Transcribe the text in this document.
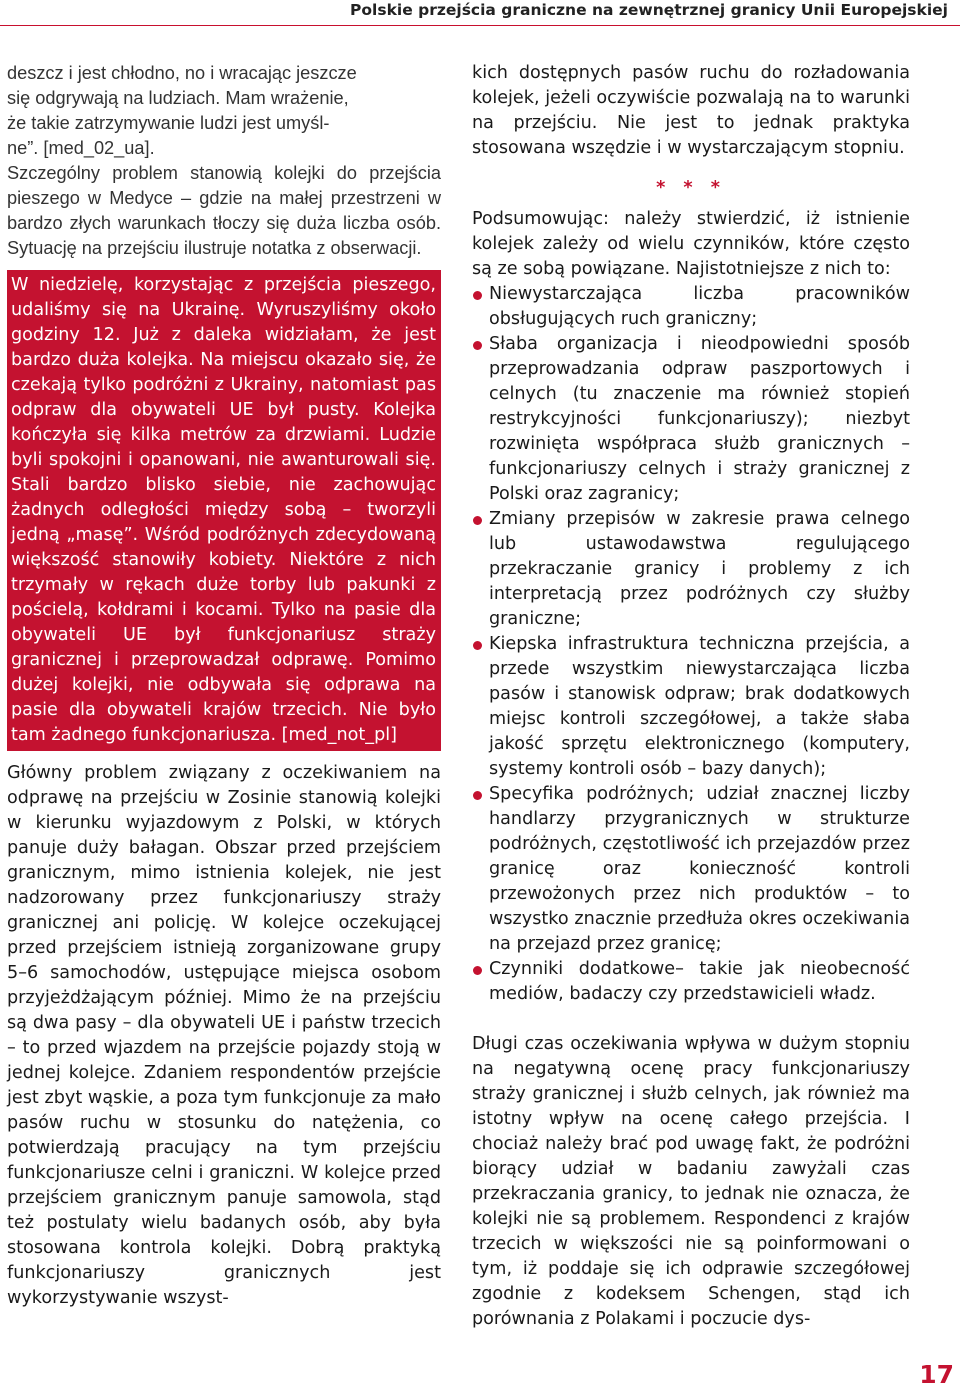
Polskie przejścia graniczne na zewnętrznej granicy Unii Europejskiej
deszcz i jest chłodno, no i wracając jeszcze
się odgrywają na ludziach. Mam wrażenie,
że takie zatrzymywanie ludzi jest umyśl-
ne”. [med_02_ua].

Szczególny problem stanowią kolejki do przejścia pieszego w Medyce – gdzie na małej przestrzeni w bardzo złych warunkach tłoczy się duża liczba osób. Sytuację na przejściu ilustruje notatka z obserwacji.

W niedzielę, korzystając z przejścia pieszego, udaliśmy się na Ukrainę. Wyruszyliśmy około godziny 12. Już z daleka widziałam, że jest bardzo duża kolejka. Na miejscu okazało się, że czekają tylko podróżni z Ukrainy, natomiast pas odpraw dla obywateli UE był pusty. Kolejka kończyła się kilka metrów za drzwiami. Ludzie byli spokojni i opanowani, nie awanturowali się. Stali bardzo blisko siebie, nie zachowując żadnych odległości między sobą – tworzyli jedną „masę”. Wśród podróżnych zdecydowaną większość stanowiły kobiety. Niektóre z nich trzymały w rękach duże torby lub pakunki z pościelą, kołdrami i kocami. Tylko na pasie dla obywateli UE był funkcjonariusz straży granicznej i przeprowadzał odprawę. Pomimo dużej kolejki, nie odbywała się odprawa na pasie dla obywateli krajów trzecich. Nie było tam żadnego funkcjonariusza. [med_not_pl]

Główny problem związany z oczekiwaniem na odprawę na przejściu w Zosinie stanowią kolejki w kierunku wyjazdowym z Polski, w których panuje duży bałagan. Obszar przed przejściem granicznym, mimo istnienia kolejek, nie jest nadzorowany przez funkcjonariuszy straży granicznej ani policję. W kolejce oczekującej przed przejściem istnieją zorganizowane grupy 5–6 samochodów, ustępujące miejsca osobom przyjeżdżającym później. Mimo że na przejściu są dwa pasy – dla obywateli UE i państw trzecich – to przed wjazdem na przejście pojazdy stoją w jednej kolejce. Zdaniem respondentów przejście jest zbyt wąskie, a poza tym funkcjonuje za mało pasów ruchu w stosunku do natężenia, co potwierdzają pracujący na tym przejściu funkcjonariusze celni i graniczni. W kolejce przed przejściem granicznym panuje samowola, stąd też postulaty wielu badanych osób, aby była stosowana kontrola kolejki. Dobrą praktyką funkcjonariuszy granicznych jest wykorzystywanie wszyst-

kich dostępnych pasów ruchu do rozładowania kolejek, jeżeli oczywiście pozwalają na to warunki na przejściu. Nie jest to jednak praktyka stosowana wszędzie i w wystarczającym stopniu.

* * *

Podsumowując: należy stwierdzić, iż istnienie kolejek zależy od wielu czynników, które często są ze sobą powiązane. Najistotniejsze z nich to:

Niewystarczająca liczba pracowników obsługujących ruch graniczny;
Słaba organizacja i nieodpowiedni sposób przeprowadzania odpraw paszportowych i celnych (tu znaczenie ma również stopień restrykcyjności funkcjonariuszy); niezbyt rozwinięta współpraca służb granicznych – funkcjonariuszy celnych i straży granicznej z Polski oraz zagranicy;
Zmiany przepisów w zakresie prawa celnego lub ustawodawstwa regulującego przekraczanie granicy i problemy z ich interpretacją przez podróżnych czy służby graniczne;
Kiepska infrastruktura techniczna przejścia, a przede wszystkim niewystarczająca liczba pasów i stanowisk odpraw; brak dodatkowych miejsc kontroli szczegółowej, a także słaba jakość sprzętu elektronicznego (komputery, systemy kontroli osób – bazy danych);
Specyfika podróżnych; udział znacznej liczby handlarzy przygranicznych w strukturze podróżnych, częstotliwość ich przejazdów przez granicę oraz konieczność kontroli przewożonych przez nich produktów – to wszystko znacznie przedłuża okres oczekiwania na przejazd przez granicę;
Czynniki dodatkowe– takie jak nieobecność mediów, badaczy czy przedstawicieli władz.

Długi czas oczekiwania wpływa w dużym stopniu na negatywną ocenę pracy funkcjonariuszy straży granicznej i służb celnych, jak również ma istotny wpływ na ocenę całego przejścia. I chociaż należy brać pod uwagę fakt, że podróżni biorący udział w badaniu zawyżali czas przekraczania granicy, to jednak nie oznacza, że kolejki nie są problemem. Respondenci z krajów trzecich w większości nie są poinformowani o tym, iż poddaje się ich odprawie szczegółowej zgodnie z kodeksem Schengen, stąd ich porównania z Polakami i poczucie dys-

17
